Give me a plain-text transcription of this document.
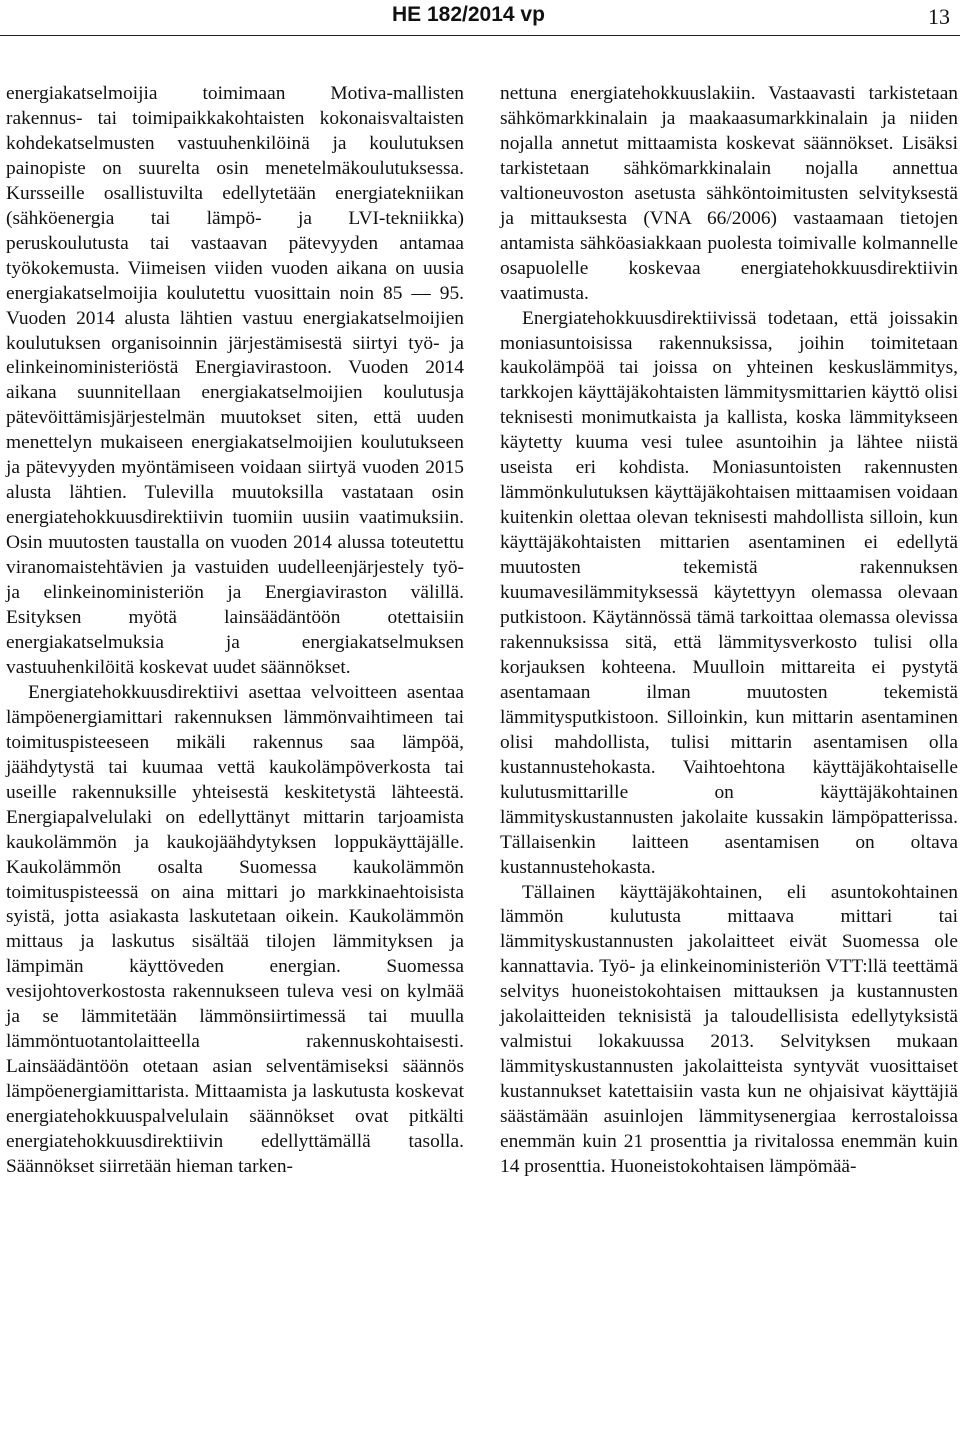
HE 182/2014 vp	13

energiakatselmoijia toimimaan Motiva-mallisten rakennus- tai toimipaikkakohtaisten kokonaisvaltaisten kohdekatselmusten vastuuhenkilöinä ja koulutuksen painopiste on suurelta osin menetelmäkoulutuksessa. Kursseille osallistuvilta edellytetään energiatekniikan (sähköenergia tai lämpö- ja LVI-tekniikka) peruskoulutusta tai vastaavan pätevyyden antamaa työkokemusta. Viimeisen viiden vuoden aikana on uusia energiakatselmoijia koulutettu vuosittain noin 85 — 95. Vuoden 2014 alusta lähtien vastuu energiakatselmoijien koulutuksen organisoinnin järjestämisestä siirtyi työ- ja elinkeinoministeriöstä Energiavirastoon. Vuoden 2014 aikana suunnitellaan energiakatselmoijien koulutusja pätevöittämisjärjestelmän muutokset siten, että uuden menettelyn mukaiseen energiakatselmoijien koulutukseen ja pätevyyden myöntämiseen voidaan siirtyä vuoden 2015 alusta lähtien. Tulevilla muutoksilla vastataan osin energiatehokkuusdirektiivin tuomiin uusiin vaatimuksiin. Osin muutosten taustalla on vuoden 2014 alussa toteutettu viranomaistehtävien ja vastuiden uudelleenjärjestely työ- ja elinkeinoministeriön ja Energiaviraston välillä. Esityksen myötä lainsäädäntöön otettaisiin energiakatselmuksia ja energiakatselmuksen vastuuhenkilöitä koskevat uudet säännökset.

Energiatehokkuusdirektiivi asettaa velvoitteen asentaa lämpöenergiamittari rakennuksen lämmönvaihtimeen tai toimituspisteeseen mikäli rakennus saa lämpöä, jäähdytystä tai kuumaa vettä kaukolämpöverkosta tai useille rakennuksille yhteisestä keskitetystä lähteestä. Energiapalvelulaki on edellyttänyt mittarin tarjoamista kaukolämmön ja kaukojäähdytyksen loppukäyttäjälle. Kaukolämmön osalta Suomessa kaukolämmön toimituspisteessä on aina mittari jo markkinaehtoisista syistä, jotta asiakasta laskutetaan oikein. Kaukolämmön mittaus ja laskutus sisältää tilojen lämmityksen ja lämpimän käyttöveden energian. Suomessa vesijohtoverkostosta rakennukseen tuleva vesi on kylmää ja se lämmitetään lämmönsiirtimessä tai muulla lämmöntuotantolaitteella rakennuskohtaisesti. Lainsäädäntöön otetaan asian selventämiseksi säännös lämpöenergiamittarista. Mittaamista ja laskutusta koskevat energiatehokkuuspalvelulain säännökset ovat pitkälti energiatehokkuusdirektiivin edellyttämällä tasolla. Säännökset siirretään hieman tarken-

nettuna energiatehokkuuslakiin. Vastaavasti tarkistetaan sähkömarkkinalain ja maakaasumarkkinalain ja niiden nojalla annetut mittaamista koskevat säännökset. Lisäksi tarkistetaan sähkömarkkinalain nojalla annettua valtioneuvoston asetusta sähköntoimitusten selvityksestä ja mittauksesta (VNA 66/2006) vastaamaan tietojen antamista sähköasiakkaan puolesta toimivalle kolmannelle osapuolelle koskevaa energiatehokkuusdirektiivin vaatimusta.

Energiatehokkuusdirektiivissä todetaan, että joissakin moniasuntoisissa rakennuksissa, joihin toimitetaan kaukolämpöä tai joissa on yhteinen keskuslämmitys, tarkkojen käyttäjäkohtaisten lämmitysmittarien käyttö olisi teknisesti monimutkaista ja kallista, koska lämmitykseen käytetty kuuma vesi tulee asuntoihin ja lähtee niistä useista eri kohdista. Moniasuntoisten rakennusten lämmönkulutuksen käyttäjäkohtaisen mittaamisen voidaan kuitenkin olettaa olevan teknisesti mahdollista silloin, kun käyttäjäkohtaisten mittarien asentaminen ei edellytä muutosten tekemistä rakennuksen kuumavesilämmityksessä käytettyyn olemassa olevaan putkistoon. Käytännössä tämä tarkoittaa olemassa olevissa rakennuksissa sitä, että lämmitysverkosto tulisi olla korjauksen kohteena. Muulloin mittareita ei pystytä asentamaan ilman muutosten tekemistä lämmitysputkistoon. Silloinkin, kun mittarin asentaminen olisi mahdollista, tulisi mittarin asentamisen olla kustannustehokasta. Vaihtoehtona käyttäjäkohtaiselle kulutusmittarille on käyttäjäkohtainen lämmityskustannusten jakolaite kussakin lämpöpatterissa. Tällaisenkin laitteen asentamisen on oltava kustannustehokasta.

Tällainen käyttäjäkohtainen, eli asuntokohtainen lämmön kulutusta mittaava mittari tai lämmityskustannusten jakolaitteet eivät Suomessa ole kannattavia. Työ- ja elinkeinoministeriön VTT:llä teettämä selvitys huoneistokohtaisen mittauksen ja kustannusten jakolaitteiden teknisistä ja taloudellisista edellytyksistä valmistui lokakuussa 2013. Selvityksen mukaan lämmityskustannusten jakolaitteista syntyvät vuosittaiset kustannukset katettaisiin vasta kun ne ohjaisivat käyttäjiä säästämään asuinlojen lämmitysenergiaa kerrostaloissa enemmän kuin 21 prosenttia ja rivitalossa enemmän kuin 14 prosenttia. Huoneistokohtaisen lämpömää-
